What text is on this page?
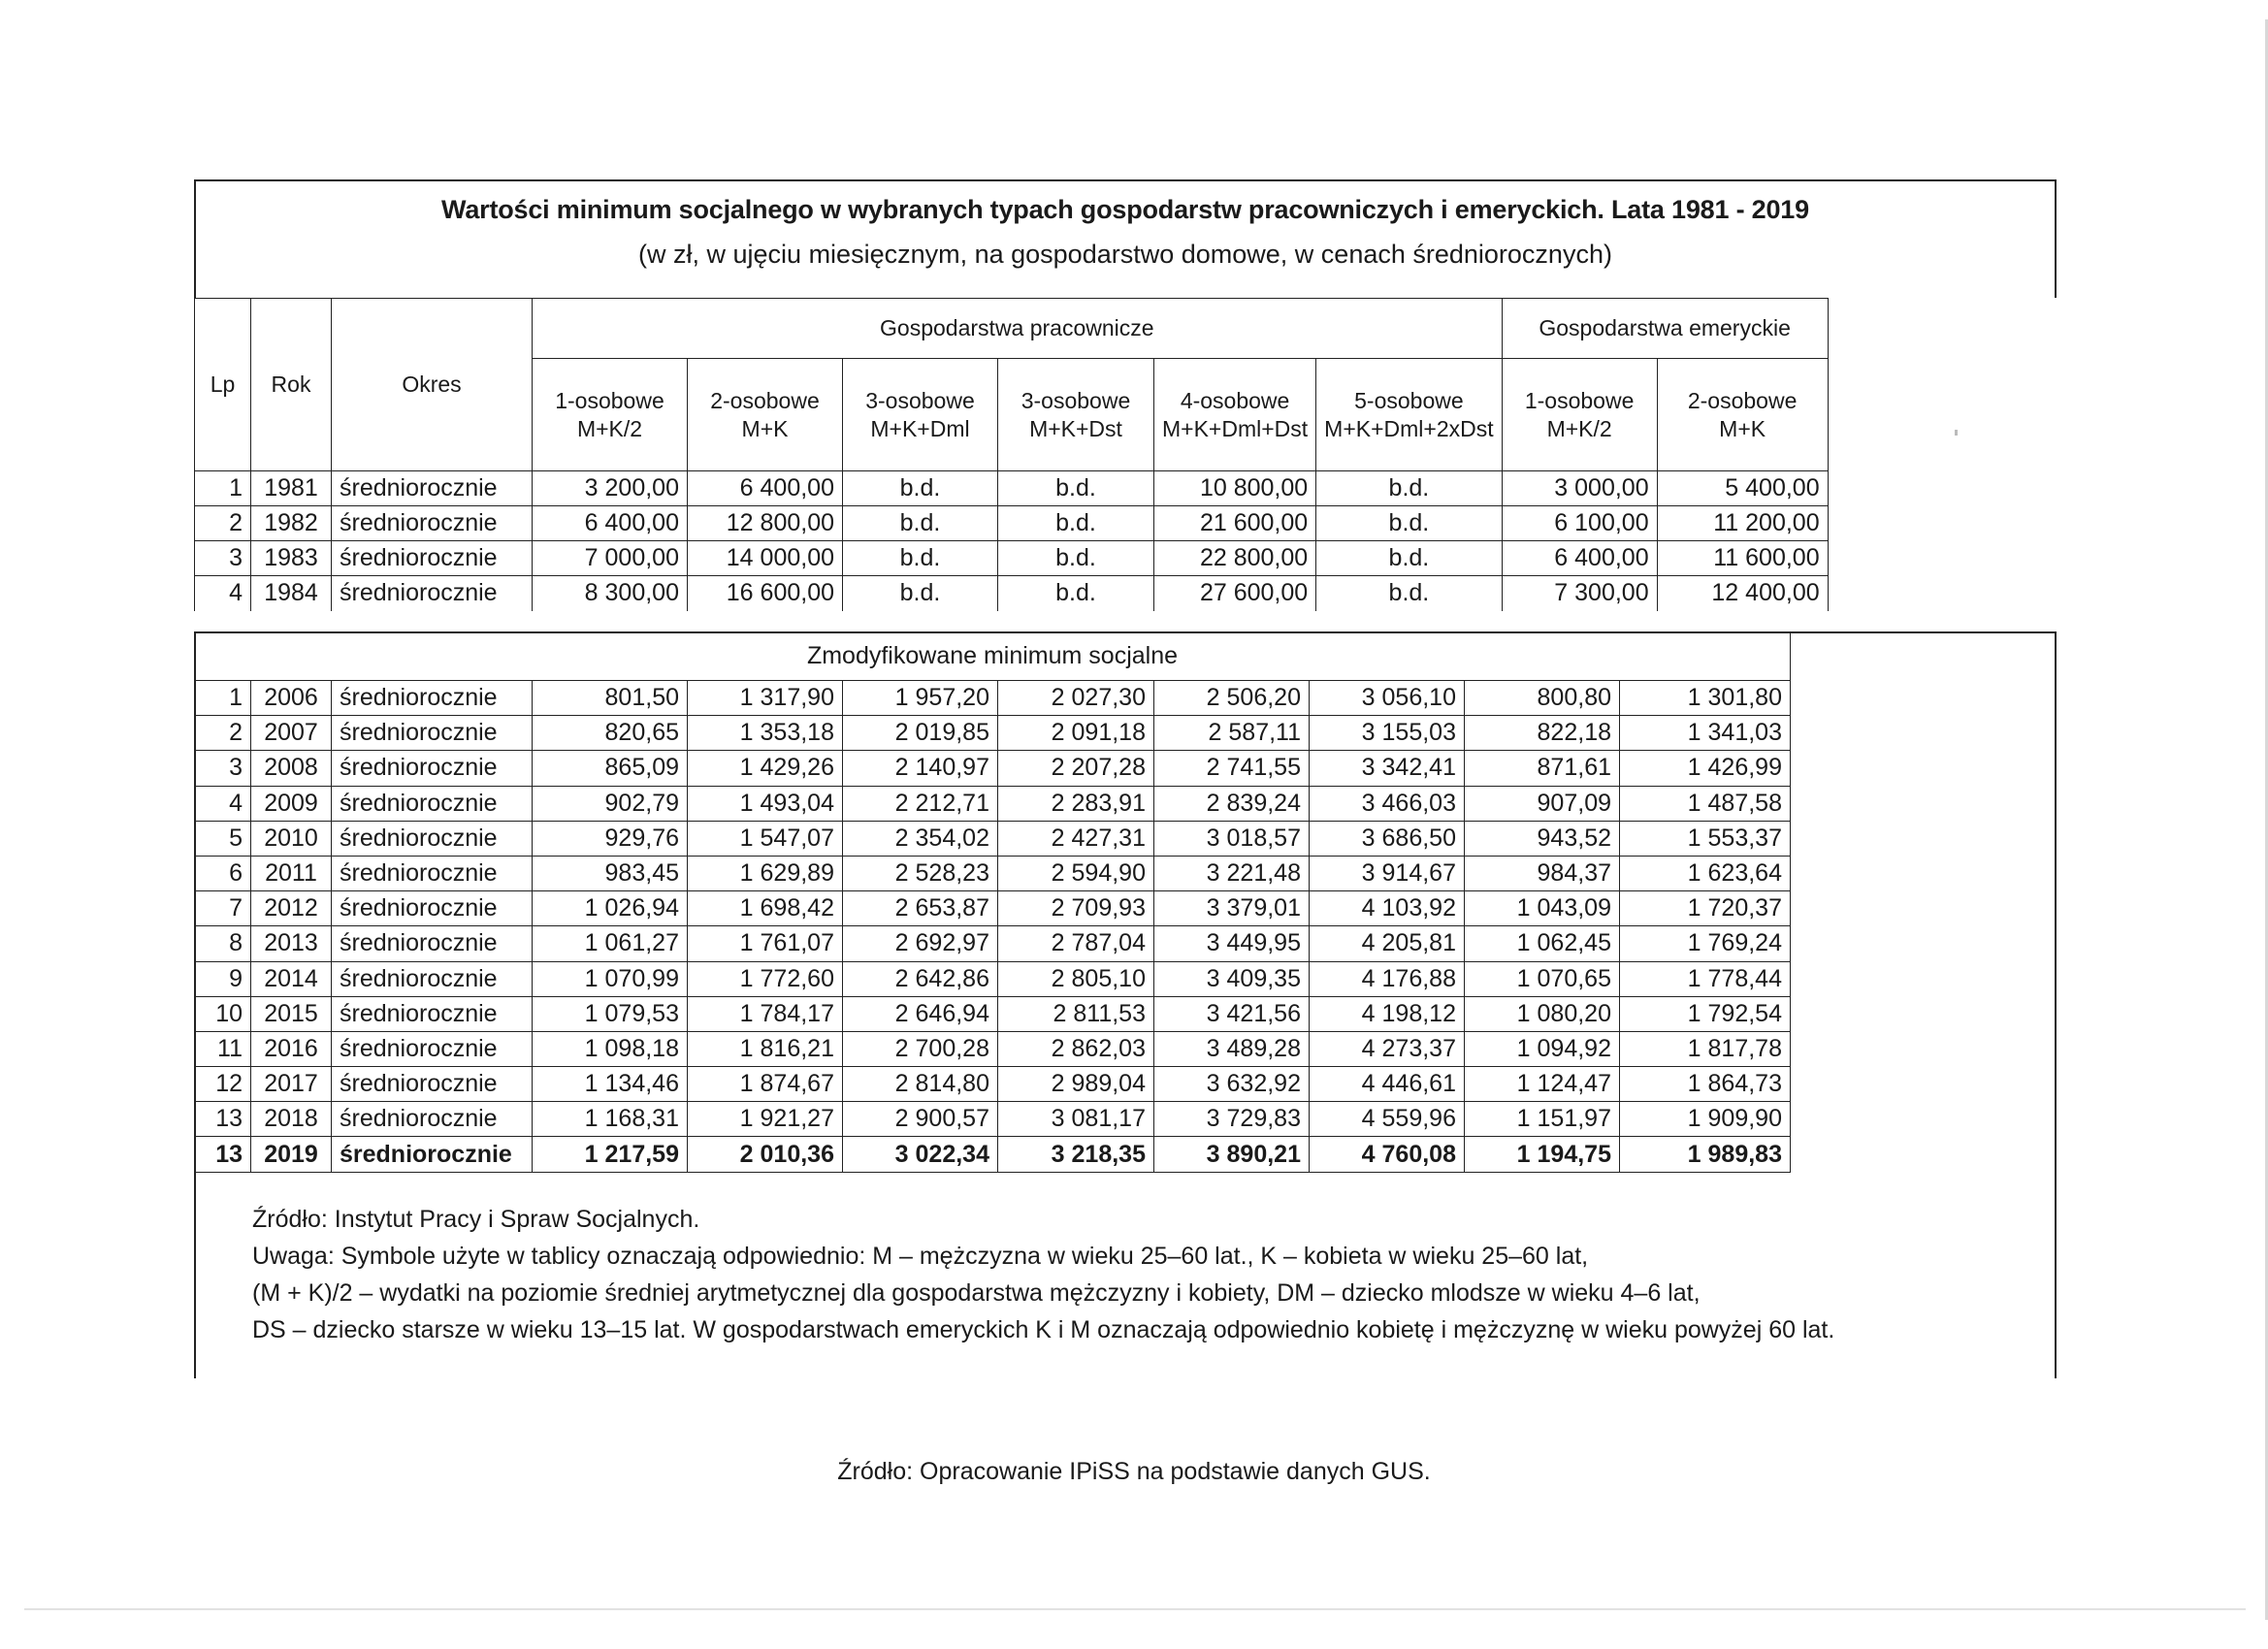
Wartości minimum socjalnego w wybranych typach gospodarstw pracowniczych i emeryckich. Lata 1981 - 2019
(w zł, w ujęciu miesięcznym, na gospodarstwo domowe, w cenach średniorocznych)
Lp	Rok	Okres	Gospodarstwa pracownicze						Gospodarstwa emeryckie	
			1-osobowe M+K/2	2-osobowe M+K	3-osobowe M+K+Dml	3-osobowe M+K+Dst	4-osobowe M+K+Dml+Dst	5-osobowe M+K+Dml+2xDst	1-osobowe M+K/2	2-osobowe M+K
1	1981	średniorocznie	3 200,00	6 400,00	b.d.	b.d.	10 800,00	b.d.	3 000,00	5 400,00
2	1982	średniorocznie	6 400,00	12 800,00	b.d.	b.d.	21 600,00	b.d.	6 100,00	11 200,00
3	1983	średniorocznie	7 000,00	14 000,00	b.d.	b.d.	22 800,00	b.d.	6 400,00	11 600,00
4	1984	średniorocznie	8 300,00	16 600,00	b.d.	b.d.	27 600,00	b.d.	7 300,00	12 400,00
Zmodyfikowane minimum socjalne										
1	2006	średniorocznie	801,50	1 317,90	1 957,20	2 027,30	2 506,20	3 056,10	800,80	1 301,80
2	2007	średniorocznie	820,65	1 353,18	2 019,85	2 091,18	2 587,11	3 155,03	822,18	1 341,03
3	2008	średniorocznie	865,09	1 429,26	2 140,97	2 207,28	2 741,55	3 342,41	871,61	1 426,99
4	2009	średniorocznie	902,79	1 493,04	2 212,71	2 283,91	2 839,24	3 466,03	907,09	1 487,58
5	2010	średniorocznie	929,76	1 547,07	2 354,02	2 427,31	3 018,57	3 686,50	943,52	1 553,37
6	2011	średniorocznie	983,45	1 629,89	2 528,23	2 594,90	3 221,48	3 914,67	984,37	1 623,64
7	2012	średniorocznie	1 026,94	1 698,42	2 653,87	2 709,93	3 379,01	4 103,92	1 043,09	1 720,37
8	2013	średniorocznie	1 061,27	1 761,07	2 692,97	2 787,04	3 449,95	4 205,81	1 062,45	1 769,24
9	2014	średniorocznie	1 070,99	1 772,60	2 642,86	2 805,10	3 409,35	4 176,88	1 070,65	1 778,44
10	2015	średniorocznie	1 079,53	1 784,17	2 646,94	2 811,53	3 421,56	4 198,12	1 080,20	1 792,54
11	2016	średniorocznie	1 098,18	1 816,21	2 700,28	2 862,03	3 489,28	4 273,37	1 094,92	1 817,78
12	2017	średniorocznie	1 134,46	1 874,67	2 814,80	2 989,04	3 632,92	4 446,61	1 124,47	1 864,73
13	2018	średniorocznie	1 168,31	1 921,27	2 900,57	3 081,17	3 729,83	4 559,96	1 151,97	1 909,90
13	2019	średniorocznie	1 217,59	2 010,36	3 022,34	3 218,35	3 890,21	4 760,08	1 194,75	1 989,83

Źródło: Instytut Pracy i Spraw Socjalnych.

Uwaga: Symbole użyte w tablicy oznaczają odpowiednio: M – mężczyzna w wieku 25–60 lat., K – kobieta w wieku 25–60 lat,

(M + K)/2 – wydatki na poziomie średniej arytmetycznej dla gospodarstwa mężczyzny i kobiety, DM – dziecko mlodsze w wieku 4–6 lat,

DS – dziecko starsze w wieku 13–15 lat. W gospodarstwach emeryckich K i M oznaczają odpowiednio kobietę i mężczyznę w wieku powyżej 60 lat.

Źródło: Opracowanie IPiSS na podstawie danych GUS.
